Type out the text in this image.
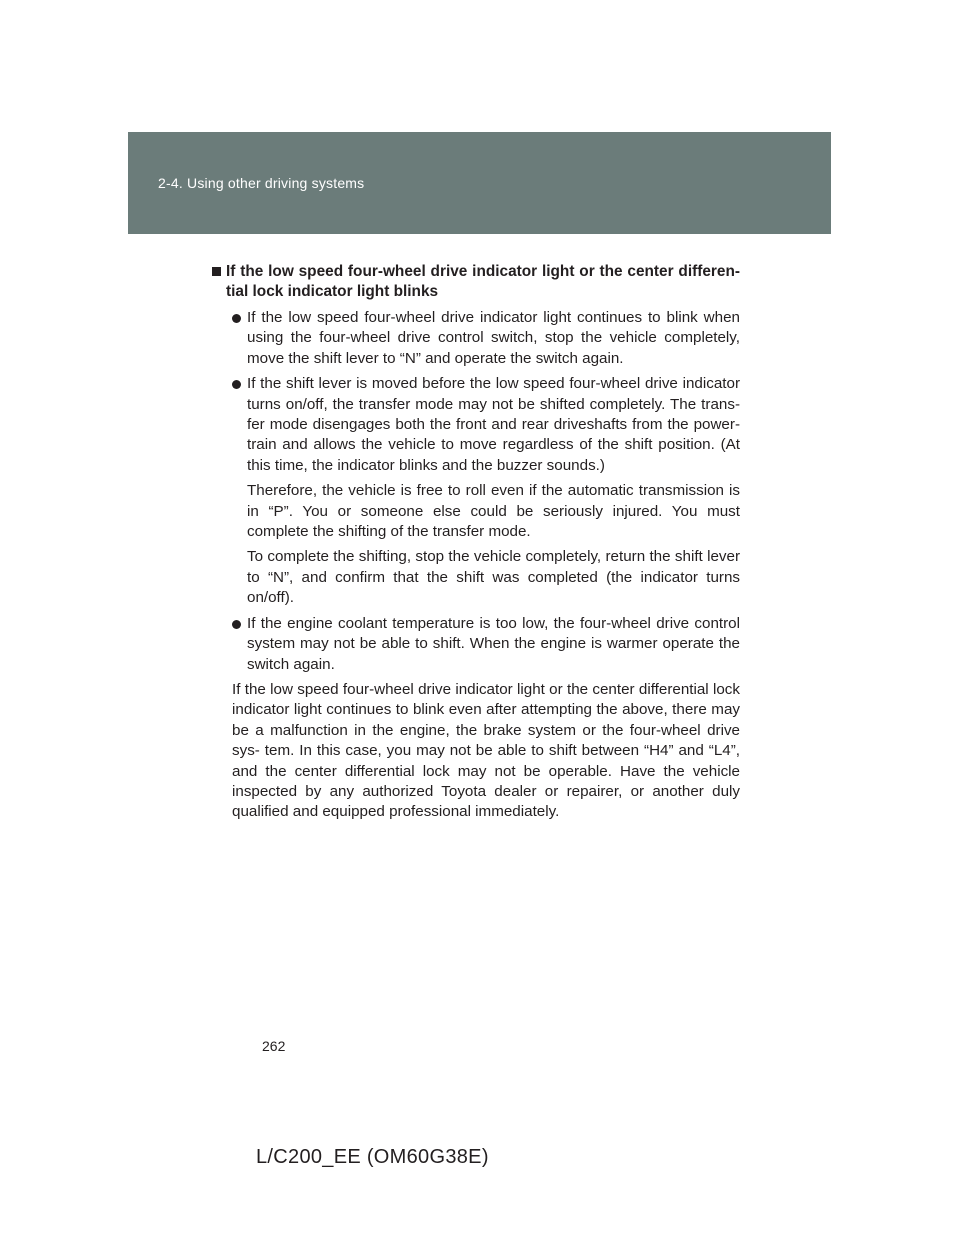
2-4. Using other driving systems
If the low speed four-wheel drive indicator light or the center differen- tial lock indicator light blinks

If the low speed four-wheel drive indicator light continues to blink when using the four-wheel drive control switch, stop the vehicle completely, move the shift lever to “N” and operate the switch again.

If the shift lever is moved before the low speed four-wheel drive indicator turns on/off, the transfer mode may not be shifted completely. The trans- fer mode disengages both the front and rear driveshafts from the power- train and allows the vehicle to move regardless of the shift position. (At this time, the indicator blinks and the buzzer sounds.)

Therefore, the vehicle is free to roll even if the automatic transmission is in “P”. You or someone else could be seriously injured. You must complete the shifting of the transfer mode.

To complete the shifting, stop the vehicle completely, return the shift lever to “N”, and confirm that the shift was completed (the indicator turns on/off).

If the engine coolant temperature is too low, the four-wheel drive control system may not be able to shift. When the engine is warmer operate the switch again.

If the low speed four-wheel drive indicator light or the center differential lock indicator light continues to blink even after attempting the above, there may be a malfunction in the engine, the brake system or the four-wheel drive sys- tem. In this case, you may not be able to shift between “H4” and “L4”, and the center differential lock may not be operable. Have the vehicle inspected by any authorized Toyota dealer or repairer, or another duly qualified and equipped professional immediately.

262
L/C200_EE (OM60G38E)
